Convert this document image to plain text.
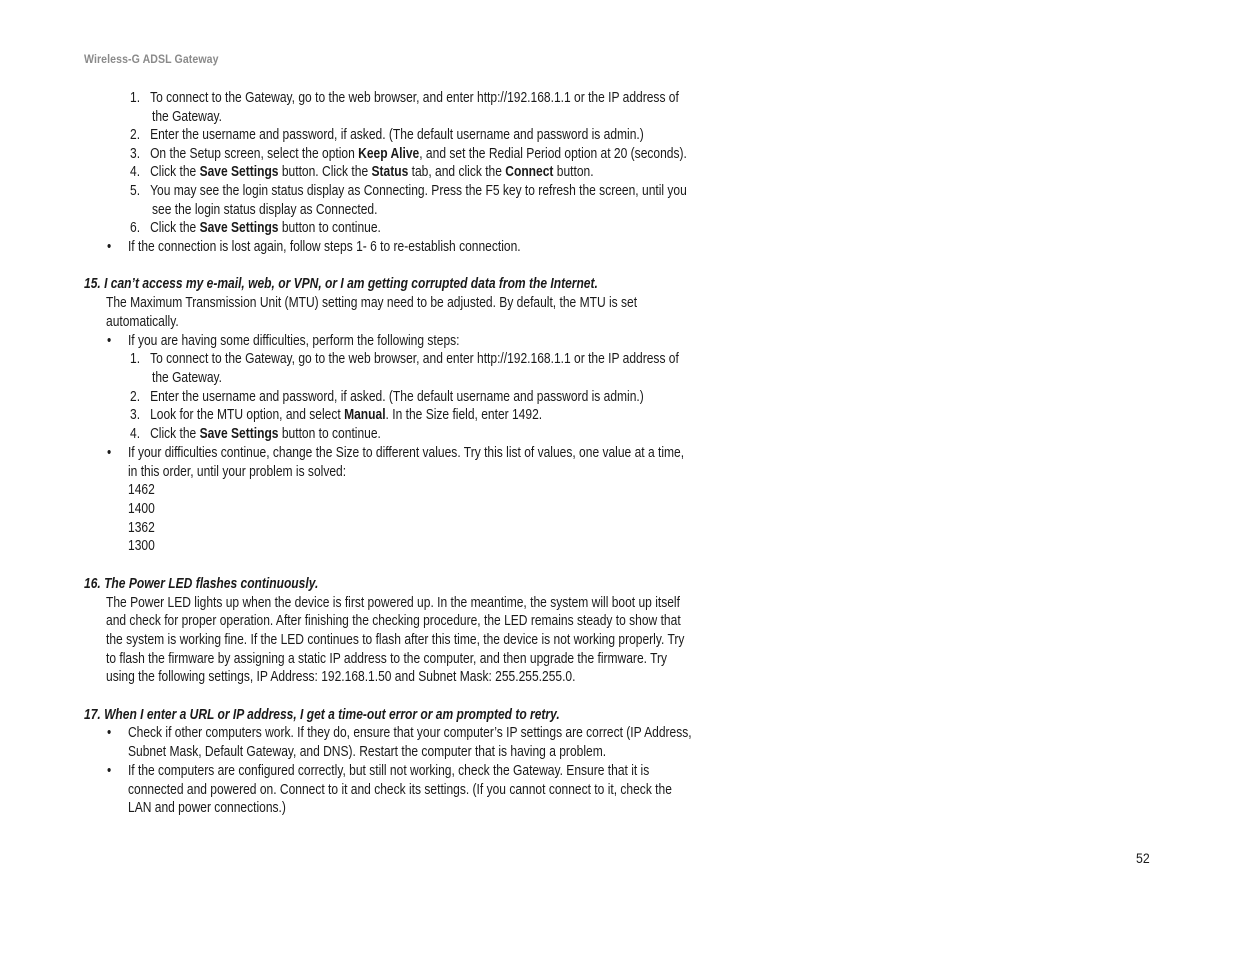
Wireless-G ADSL Gateway
1. To connect to the Gateway, go to the web browser, and enter http://192.168.1.1 or the IP address of
the Gateway.
2. Enter the username and password, if asked. (The default username and password is admin.)
3. On the Setup screen, select the option Keep Alive, and set the Redial Period option at 20 (seconds).
4. Click the Save Settings button. Click the Status tab, and click the Connect button.
5. You may see the login status display as Connecting. Press the F5 key to refresh the screen, until you
see the login status display as Connected.
6. Click the Save Settings button to continue.
• If the connection is lost again, follow steps 1- 6 to re-establish connection.
15. I can’t access my e-mail, web, or VPN, or I am getting corrupted data from the Internet.
The Maximum Transmission Unit (MTU) setting may need to be adjusted. By default, the MTU is set
automatically.
• If you are having some difficulties, perform the following steps:
1. To connect to the Gateway, go to the web browser, and enter http://192.168.1.1 or the IP address of
the Gateway.
2. Enter the username and password, if asked. (The default username and password is admin.)
3. Look for the MTU option, and select Manual. In the Size field, enter 1492.
4. Click the Save Settings button to continue.
• If your difficulties continue, change the Size to different values. Try this list of values, one value at a time,
in this order, until your problem is solved:
1462
1400
1362
1300
16. The Power LED flashes continuously.
The Power LED lights up when the device is first powered up. In the meantime, the system will boot up itself
and check for proper operation. After finishing the checking procedure, the LED remains steady to show that
the system is working fine. If the LED continues to flash after this time, the device is not working properly. Try
to flash the firmware by assigning a static IP address to the computer, and then upgrade the firmware. Try
using the following settings, IP Address: 192.168.1.50 and Subnet Mask: 255.255.255.0.
17. When I enter a URL or IP address, I get a time-out error or am prompted to retry.
• Check if other computers work. If they do, ensure that your computer’s IP settings are correct (IP Address,
Subnet Mask, Default Gateway, and DNS). Restart the computer that is having a problem.
• If the computers are configured correctly, but still not working, check the Gateway. Ensure that it is
connected and powered on. Connect to it and check its settings. (If you cannot connect to it, check the
LAN and power connections.)
52
